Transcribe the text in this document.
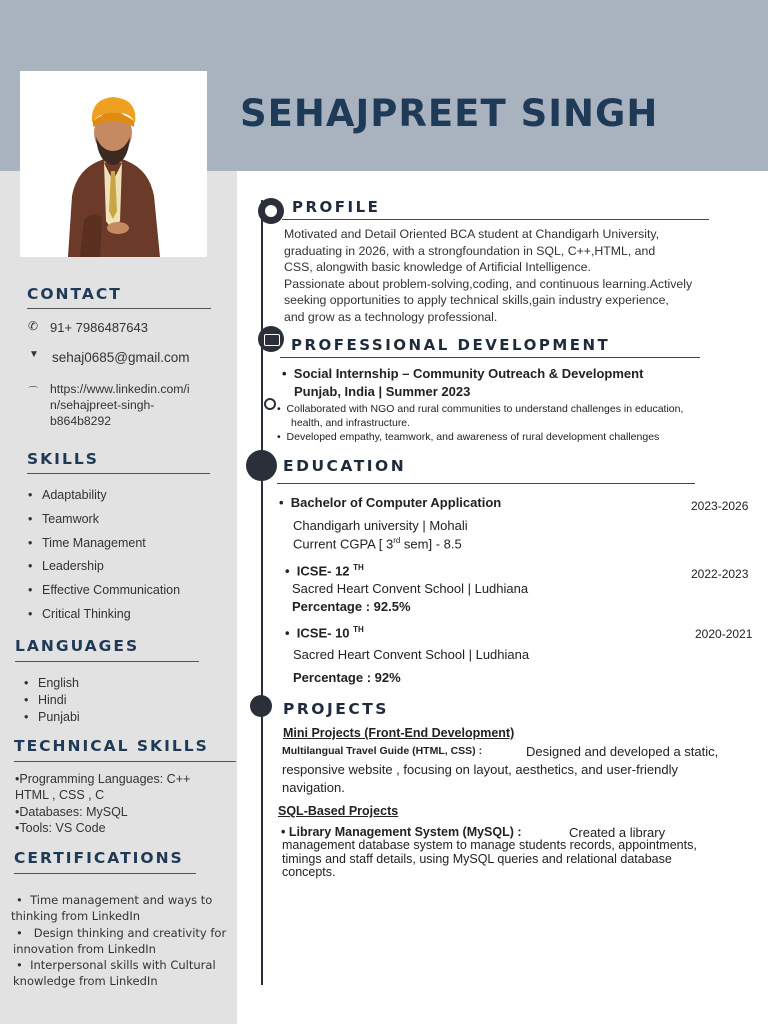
SEHAJPREET SINGH
CONTACT
✆ 91+ 7986487643
▼ sehaj0685@gmail.com
⌒ https://www.linkedin.com/i
n/sehajpreet-singh-
b864b8292
SKILLS
• Adaptability
• Teamwork
• Time Management
• Leadership
• Effective Communication
• Critical Thinking
LANGUAGES
• English
• Hindi
• Punjabi
TECHNICAL SKILLS
•Programming Languages: C++
HTML , CSS , C
•Databases: MySQL
•Tools: VS Code
CERTIFICATIONS
•  Time management and ways to
thinking from LinkedIn
•   Design thinking and creativity for
innovation from LinkedIn
•  Interpersonal skills with Cultural
knowledge from LinkedIn
PROFILE
Motivated and Detail Oriented BCA student at Chandigarh University,
graduating in 2026, with a strongfoundation in SQL, C++,HTML, and
CSS, alongwith basic knowledge of Artificial Intelligence.
Passionate about problem-solving,coding, and continuous learning.Actively
seeking opportunities to apply technical skills,gain industry experience,
and grow as a technology professional.
PROFESSIONAL DEVELOPMENT
•  Social Internship – Community Outreach & Development
Punjab, India | Summer 2023
•  Collaborated with NGO and rural communities to understand challenges in education,
health, and infrastructure.
•  Developed empathy, teamwork, and awareness of rural development challenges
EDUCATION
•  Bachelor of Computer Application	2023-2026
Chandigarh university | Mohali
Current CGPA [ 3rd sem] - 8.5
•  ICSE- 12 $^{TH}$	2022-2023
Sacred Heart Convent School | Ludhiana
Percentage : 92.5%
•  ICSE- 10 $^{TH}$	2020-2021
Sacred Heart Convent School | Ludhiana
Percentage : 92%
PROJECTS
Mini Projects (Front-End Development)
Multilangual Travel Guide (HTML, CSS) :	Designed and developed a static,
responsive website , focusing on layout, aesthetics, and user-friendly
navigation.
SQL-Based Projects
• Library Management System (MySQL) :	Created a library
management database system to manage students records, appointments,
timings and staff details, using MySQL queries and relational database
concepts.
